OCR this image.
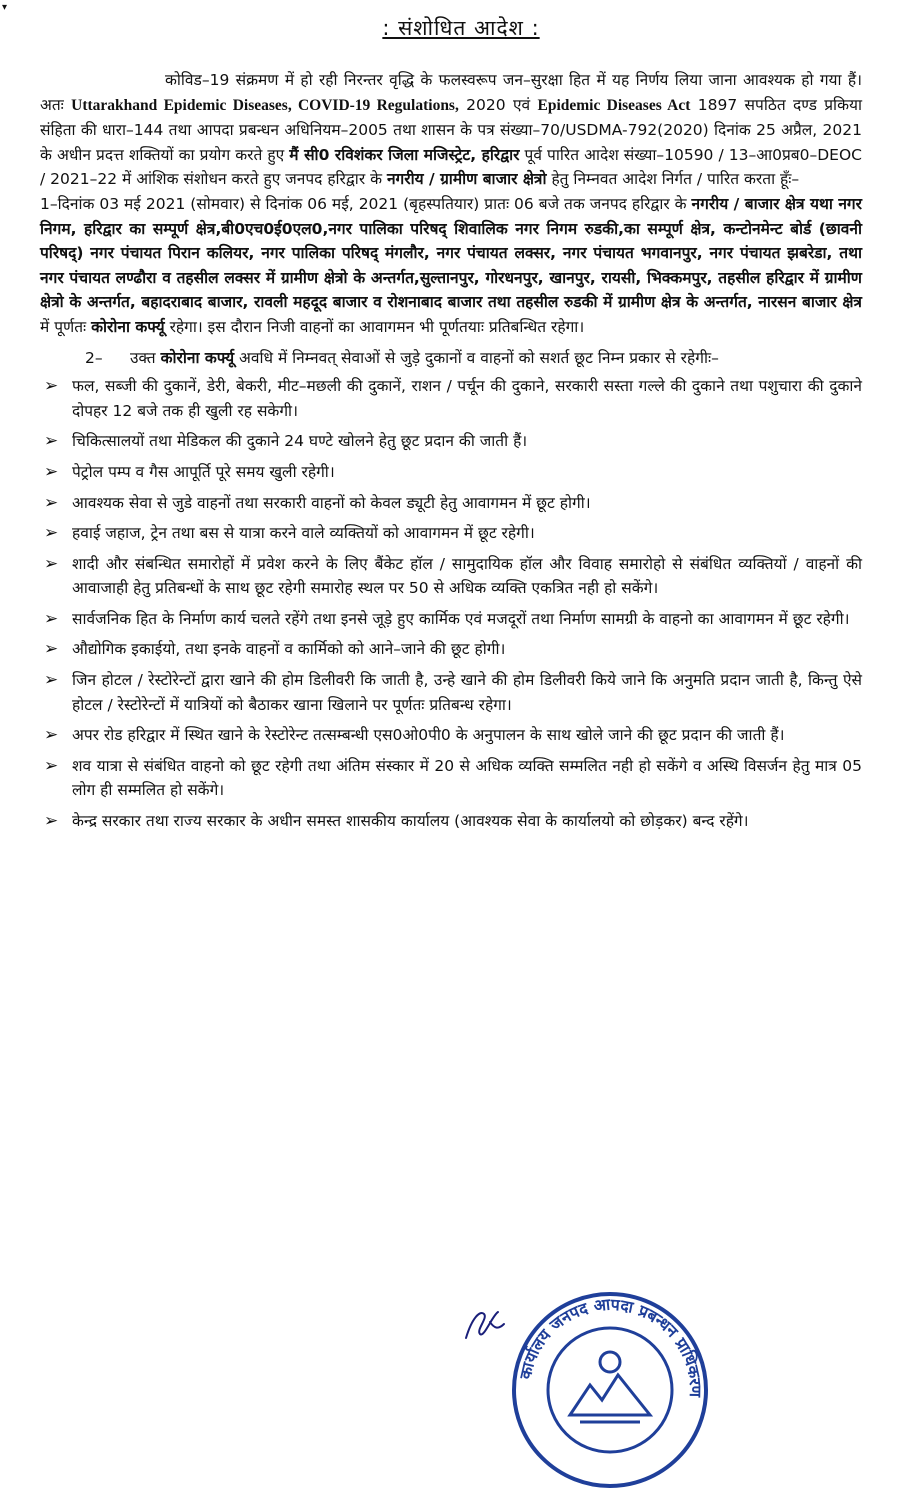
▾
: संशोधित आदेश :

कोविड–19 संक्रमण में हो रही निरन्तर वृद्धि के फलस्वरूप जन–सुरक्षा हित में यह निर्णय लिया जाना आवश्यक हो गया हैं। अतः Uttarakhand Epidemic Diseases, COVID-19 Regulations, 2020 एवं Epidemic Diseases Act 1897 सपठित दण्ड प्रकिया संहिता की धारा–144 तथा आपदा प्रबन्धन अधिनियम–2005 तथा शासन के पत्र संख्या–70/USDMA-792(2020) दिनांक 25 अप्रैल, 2021 के अधीन प्रदत्त शक्तियों का प्रयोग करते हुए मैं सी0 रविशंकर जिला मजिस्ट्रेट, हरिद्वार पूर्व पारित आदेश संख्या–10590 / 13–आ0प्रब0–DEOC / 2021–22 में आंशिक संशोधन करते हुए जनपद हरिद्वार के नगरीय / ग्रामीण बाजार क्षेत्रो हेतु निम्नवत आदेश निर्गत / पारित करता हूँः–

1–दिनांक 03 मई 2021 (सोमवार) से दिनांक 06 मई, 2021 (बृहस्पतियार) प्रातः 06 बजे तक जनपद हरिद्वार के नगरीय / बाजार क्षेत्र यथा नगर निगम, हरिद्वार का सम्पूर्ण क्षेत्र,बी0एच0ई0एल0,नगर पालिका परिषद् शिवालिक नगर निगम रुडकी,का सम्पूर्ण क्षेत्र, कन्टोनमेन्ट बोर्ड (छावनी परिषद्) नगर पंचायत पिरान कलियर, नगर पालिका परिषद् मंगलौर, नगर पंचायत लक्सर, नगर पंचायत भगवानपुर, नगर पंचायत झबरेडा, तथा नगर पंचायत लण्ढौरा व तहसील लक्सर में ग्रामीण क्षेत्रो के अन्तर्गत,सुल्तानपुर, गोरधनपुर, खानपुर, रायसी, भिक्कमपुर, तहसील हरिद्वार में ग्रामीण क्षेत्रो के अन्तर्गत, बहादराबाद बाजार, रावली महदूद बाजार व रोशनाबाद बाजार तथा तहसील रुडकी में ग्रामीण क्षेत्र के अन्तर्गत, नारसन बाजार क्षेत्र में पूर्णतः कोरोना कर्फ्यू रहेगा। इस दौरान निजी वाहनों का आवागमन भी पूर्णतयाः प्रतिबन्धित रहेगा।

2– उक्त कोरोना कर्फ्यू अवधि में निम्नवत् सेवाओं से जुड़े दुकानों व वाहनों को सशर्त छूट निम्न प्रकार से रहेगीः–

➢ फल, सब्जी की दुकानें, डेरी, बेकरी, मीट–मछली की दुकानें, राशन / पर्चून की दुकाने, सरकारी सस्ता गल्ले की दुकाने तथा पशुचारा की दुकाने दोपहर 12 बजे तक ही खुली रह सकेगी।
➢ चिकित्सालयों तथा मेडिकल की दुकाने 24 घण्टे खोलने हेतु छूट प्रदान की जाती हैं।
➢ पेट्रोल पम्प व गैस आपूर्ति पूरे समय खुली रहेगी।
➢ आवश्यक सेवा से जुडे वाहनों तथा सरकारी वाहनों को केवल ड्यूटी हेतु आवागमन में छूट होगी।
➢ हवाई जहाज, ट्रेन तथा बस से यात्रा करने वाले व्यक्तियों को आवागमन में छूट रहेगी।
➢ शादी और संबन्धित समारोहों में प्रवेश करने के लिए बैंकेट हॉल / सामुदायिक हॉल और विवाह समारोहो से संबंधित व्यक्तियों / वाहनों की आवाजाही हेतु प्रतिबन्धों के साथ छूट रहेगी समारोह स्थल पर 50 से अधिक व्यक्ति एकत्रित नही हो सकेंगे।
➢ सार्वजनिक हित के निर्माण कार्य चलते रहेंगे तथा इनसे जूड़े हुए कार्मिक एवं मजदूरों तथा निर्माण सामग्री के वाहनो का आवागमन में छूट रहेगी।
➢ औद्योगिक इकाईयो, तथा इनके वाहनों व कार्मिको को आने–जाने की छूट होगी।
➢ जिन होटल / रेस्टोरेन्टों द्वारा खाने की होम डिलीवरी कि जाती है, उन्हे खाने की होम डिलीवरी किये जाने कि अनुमति प्रदान जाती है, किन्तु ऐसे होटल / रेस्टोरेन्टों में यात्रियों को बैठाकर खाना खिलाने पर पूर्णतः प्रतिबन्ध रहेगा।
➢ अपर रोड हरिद्वार में स्थित खाने के रेस्टोरेन्ट तत्सम्बन्धी एस0ओ0पी0 के अनुपालन के साथ खोले जाने की छूट प्रदान की जाती हैं।
➢ शव यात्रा से संबंधित वाहनो को छूट रहेगी तथा अंतिम संस्कार में 20 से अधिक व्यक्ति सम्मलित नही हो सकेंगे व अस्थि विसर्जन हेतु मात्र 05 लोग ही सम्मलित हो सकेंगे।
➢ केन्द्र सरकार तथा राज्य सरकार के अधीन समस्त शासकीय कार्यालय (आवश्यक सेवा के कार्यालयो को छोड़कर) बन्द रहेंगे।
कार्यालय जनपद आपदा प्रबन्धन प्राधिकरण
